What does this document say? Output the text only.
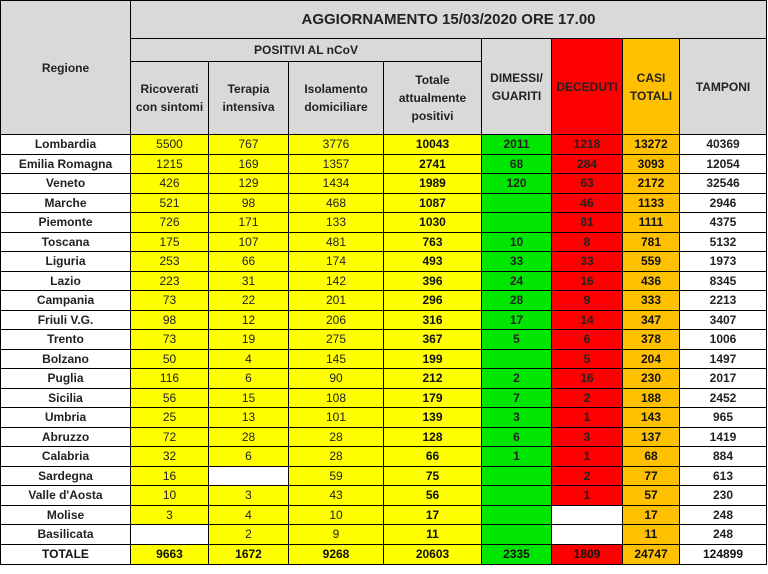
Regione	AGGIORNAMENTO 15/03/2020 ORE 17.00							
	POSITIVI AL nCoV				DIMESSI/ GUARITI	DECEDUTI	CASI TOTALI	TAMPONI
	Ricoverati con sintomi	Terapia intensiva	Isolamento domiciliare	Totale attualmente positivi				
Lombardia	5500	767	3776	10043	2011	1218	13272	40369
Emilia Romagna	1215	169	1357	2741	68	284	3093	12054
Veneto	426	129	1434	1989	120	63	2172	32546
Marche	521	98	468	1087		46	1133	2946
Piemonte	726	171	133	1030		81	1111	4375
Toscana	175	107	481	763	10	8	781	5132
Liguria	253	66	174	493	33	33	559	1973
Lazio	223	31	142	396	24	16	436	8345
Campania	73	22	201	296	28	9	333	2213
Friuli V.G.	98	12	206	316	17	14	347	3407
Trento	73	19	275	367	5	6	378	1006
Bolzano	50	4	145	199		5	204	1497
Puglia	116	6	90	212	2	16	230	2017
Sicilia	56	15	108	179	7	2	188	2452
Umbria	25	13	101	139	3	1	143	965
Abruzzo	72	28	28	128	6	3	137	1419
Calabria	32	6	28	66	1	1	68	884
Sardegna	16		59	75		2	77	613
Valle d'Aosta	10	3	43	56		1	57	230
Molise	3	4	10	17			17	248
Basilicata		2	9	11			11	248
TOTALE	9663	1672	9268	20603	2335	1809	24747	124899
